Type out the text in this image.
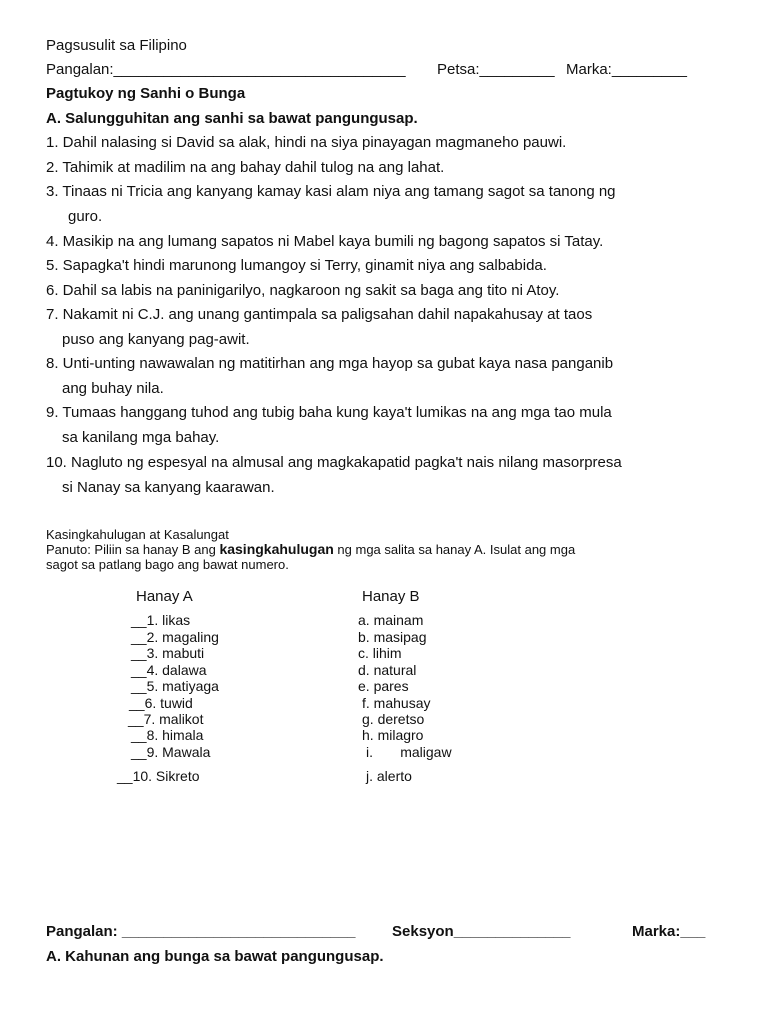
Pagsusulit sa Filipino
Pangalan:___________________________________ Petsa:_________ Marka:_________
Pagtukoy ng Sanhi o Bunga
A. Salungguhitan ang sanhi sa bawat pangungusap.
1. Dahil nalasing si David sa alak, hindi na siya pinayagan magmaneho pauwi.
2. Tahimik at madilim na ang bahay dahil tulog na ang lahat.
3. Tinaas ni Tricia ang kanyang kamay kasi alam niya ang tamang sagot sa tanong ng
guro.
4. Masikip na ang lumang sapatos ni Mabel kaya bumili ng bagong sapatos si Tatay.
5. Sapagka't hindi marunong lumangoy si Terry, ginamit niya ang salbabida.
6. Dahil sa labis na paninigarilyo, nagkaroon ng sakit sa baga ang tito ni Atoy.
7. Nakamit ni C.J. ang unang gantimpala sa paligsahan dahil napakahusay at taos
puso ang kanyang pag-awit.
8. Unti-unting nawawalan ng matitirhan ang mga hayop sa gubat kaya nasa panganib
ang buhay nila.
9. Tumaas hanggang tuhod ang tubig baha kung kaya't lumikas na ang mga tao mula
sa kanilang mga bahay.
10. Nagluto ng espesyal na almusal ang magkakapatid pagka't nais nilang masorpresa
si Nanay sa kanyang kaarawan.
Kasingkahulugan at Kasalungat
Panuto: Piliin sa hanay B ang kasingkahulugan ng mga salita sa hanay A. Isulat ang mga
sagot sa patlang bago ang bawat numero.
Hanay A	Hanay B
__1. likas
__2. magaling
__3. mabuti
__4. dalawa
__5. matiyaga
__6. tuwid
__7. malikot
__8. himala
__9. Mawala
__10. Sikreto
a. mainam
b. masipag
c. lihim
d. natural
e. pares
f. mahusay
g. deretso
h. milagro
i.       maligaw
j. alerto
Pangalan: ____________________________ Seksyon______________	Marka:___
A. Kahunan ang bunga sa bawat pangungusap.
